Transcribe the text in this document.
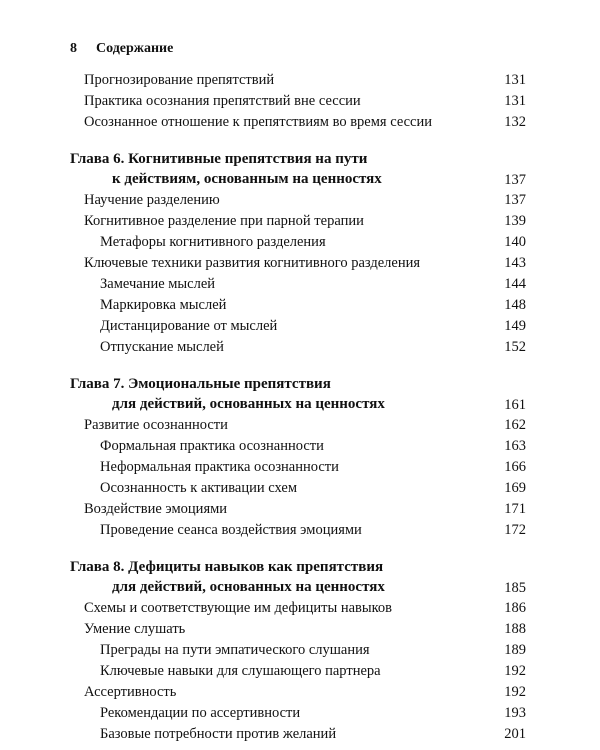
8 Содержание
Прогнозирование препятствий	131
Практика осознания препятствий вне сессии	131
Осознанное отношение к препятствиям во время сессии	132
Глава 6. Когнитивные препятствия на пути
к действиям, основанным на ценностях	137
Научение разделению	137
Когнитивное разделение при парной терапии	139
Метафоры когнитивного разделения	140
Ключевые техники развития когнитивного разделения	143
Замечание мыслей	144
Маркировка мыслей	148
Дистанцирование от мыслей	149
Отпускание мыслей	152
Глава 7. Эмоциональные препятствия
для действий, основанных на ценностях	161
Развитие осознанности	162
Формальная практика осознанности	163
Неформальная практика осознанности	166
Осознанность к активации схем	169
Воздействие эмоциями	171
Проведение сеанса воздействия эмоциями	172
Глава 8. Дефициты навыков как препятствия
для действий, основанных на ценностях	185
Схемы и соответствующие им дефициты навыков	186
Умение слушать	188
Преграды на пути эмпатического слушания	189
Ключевые навыки для слушающего партнера	192
Ассертивность	192
Рекомендации по ассертивности	193
Базовые потребности против желаний	201
